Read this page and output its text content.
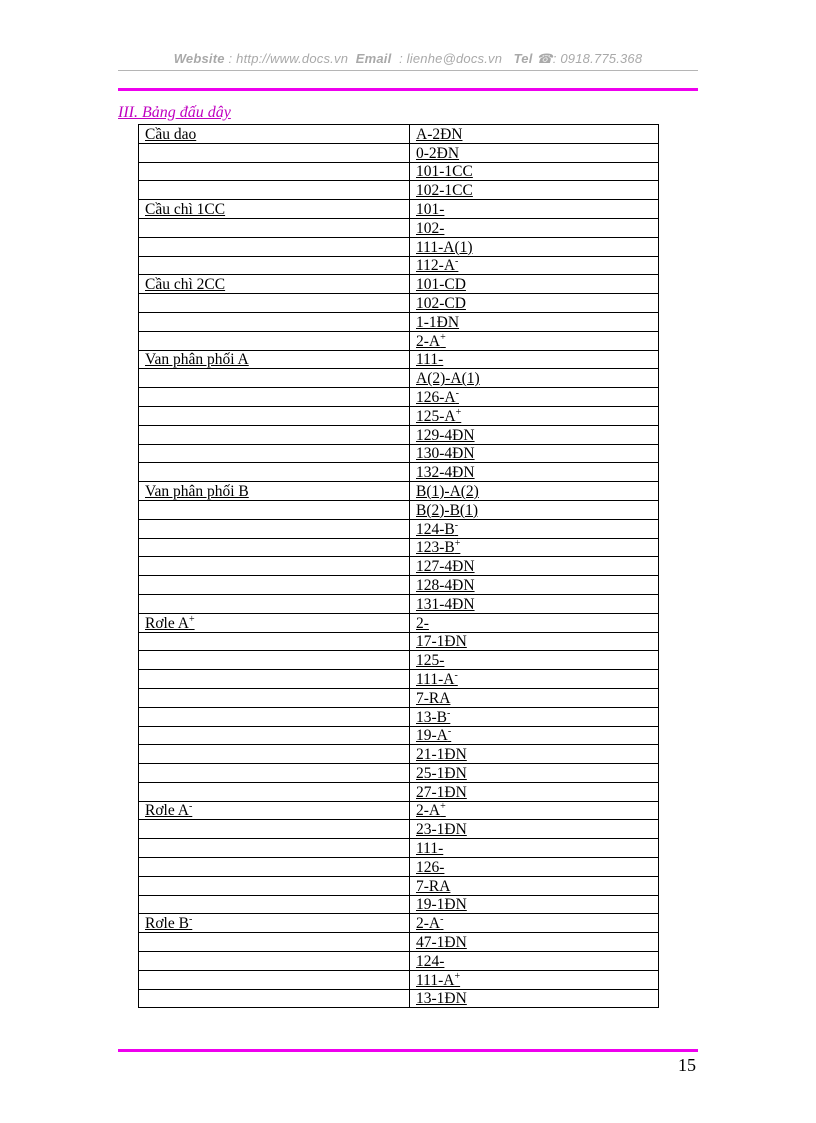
Website : http://www.docs.vn Email : lienhe@docs.vn Tel ☎: 0918.775.368
III. Bảng đấu dây
Cầu dao	A-2ĐN
	0-2ĐN
	101-1CC
	102-1CC
Cầu chì 1CC	101-
	102-
	111-A(1)
	112-A-
Cầu chì 2CC	101-CD
	102-CD
	1-1ĐN
	2-A+
Van phân phối A	111-
	A(2)-A(1)
	126-A-
	125-A+
	129-4ĐN
	130-4ĐN
	132-4ĐN
Van phân phối B	B(1)-A(2)
	B(2)-B(1)
	124-B-
	123-B+
	127-4ĐN
	128-4ĐN
	131-4ĐN
Rơle A+	2-
	17-1ĐN
	125-
	111-A-
	7-RA
	13-B-
	19-A-
	21-1ĐN
	25-1ĐN
	27-1ĐN
Rơle A-	2-A+
	23-1ĐN
	111-
	126-
	7-RA
	19-1ĐN
Rơle B-	2-A-
	47-1ĐN
	124-
	111-A+
	13-1ĐN
15
